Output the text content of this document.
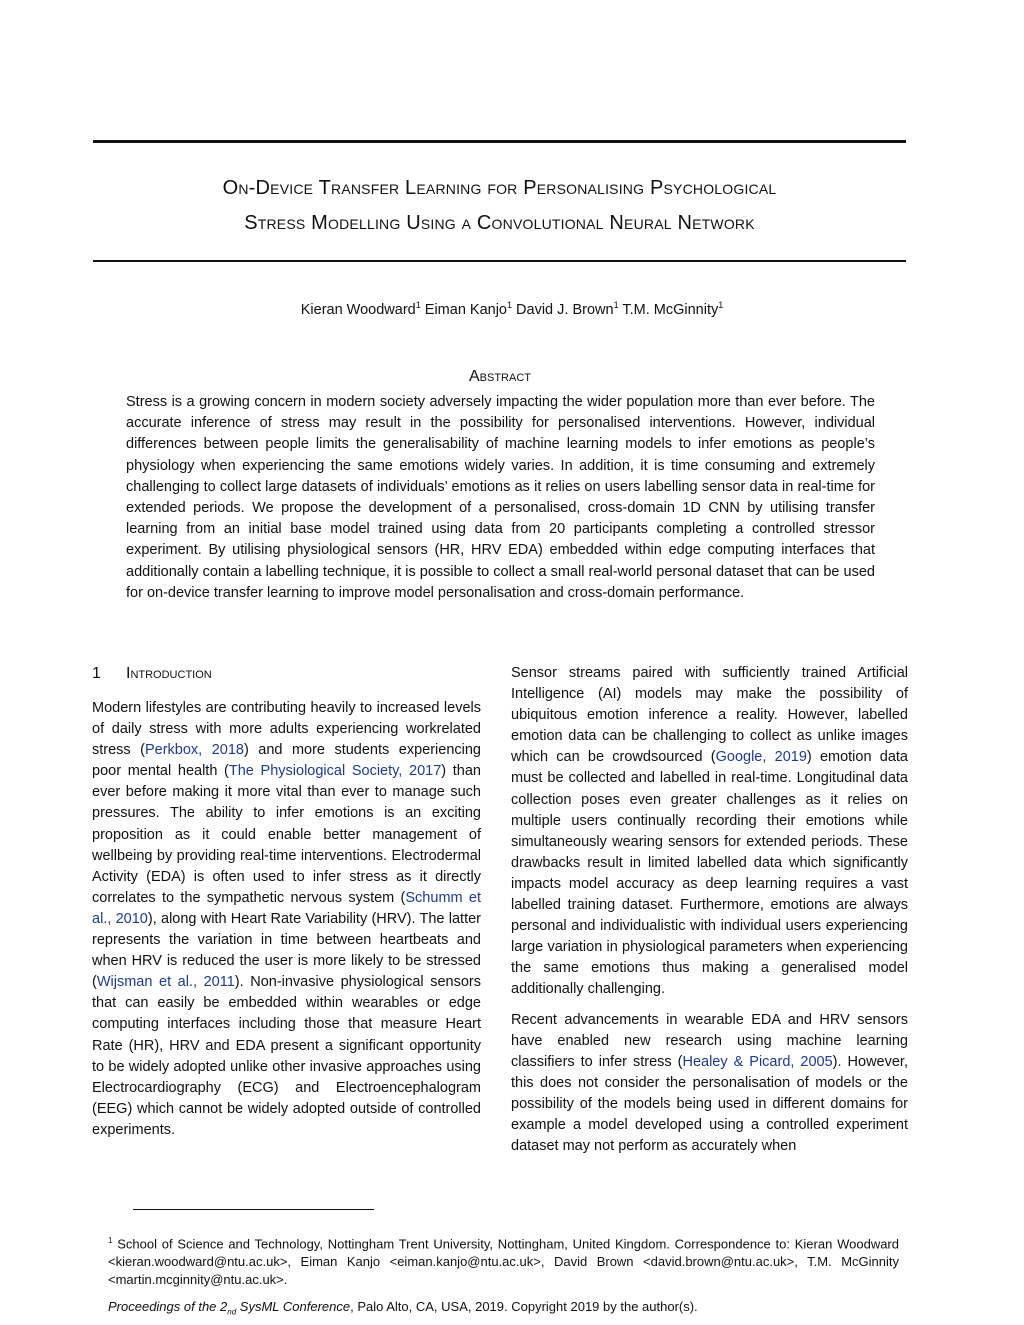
On-Device Transfer Learning for Personalising Psychological
Stress Modelling Using a Convolutional Neural Network
Kieran Woodward$^1$ Eiman Kanjo$^1$ David J. Brown$^1$ T.M. McGinnity$^1$
Abstract

Stress is a growing concern in modern society adversely impacting the wider population more than ever before. The accurate inference of stress may result in the possibility for personalised interventions. However, individual differences between people limits the generalisability of machine learning models to infer emotions as people’s physiology when experiencing the same emotions widely varies. In addition, it is time consuming and extremely challenging to collect large datasets of individuals’ emotions as it relies on users labelling sensor data in real-time for extended periods. We propose the development of a personalised, cross-domain 1D CNN by utilising transfer learning from an initial base model trained using data from 20 participants completing a controlled stressor experiment. By utilising physiological sensors (HR, HRV EDA) embedded within edge computing interfaces that additionally contain a labelling technique, it is possible to collect a small real-world personal dataset that can be used for on-device transfer learning to improve model personalisation and cross-domain performance.

1 Introduction

Modern lifestyles are contributing heavily to increased levels of daily stress with more adults experiencing workrelated stress (Perkbox, 2018) and more students experiencing poor mental health (The Physiological Society, 2017) than ever before making it more vital than ever to manage such pressures. The ability to infer emotions is an exciting proposition as it could enable better management of wellbeing by providing real-time interventions. Electrodermal Activity (EDA) is often used to infer stress as it directly correlates to the sympathetic nervous system (Schumm et al., 2010), along with Heart Rate Variability (HRV). The latter represents the variation in time between heartbeats and when HRV is reduced the user is more likely to be stressed (Wijsman et al., 2011). Non-invasive physiological sensors that can easily be embedded within wearables or edge computing interfaces including those that measure Heart Rate (HR), HRV and EDA present a significant opportunity to be widely adopted unlike other invasive approaches using Electrocardiography (ECG) and Electroencephalogram (EEG) which cannot be widely adopted outside of controlled experiments.

Sensor streams paired with sufficiently trained Artificial Intelligence (AI) models may make the possibility of ubiquitous emotion inference a reality. However, labelled emotion data can be challenging to collect as unlike images which can be crowdsourced (Google, 2019) emotion data must be collected and labelled in real-time. Longitudinal data collection poses even greater challenges as it relies on multiple users continually recording their emotions while simultaneously wearing sensors for extended periods. These drawbacks result in limited labelled data which significantly impacts model accuracy as deep learning requires a vast labelled training dataset. Furthermore, emotions are always personal and individualistic with individual users experiencing large variation in physiological parameters when experiencing the same emotions thus making a generalised model additionally challenging.

Recent advancements in wearable EDA and HRV sensors have enabled new research using machine learning classifiers to infer stress (Healey & Picard, 2005). However, this does not consider the personalisation of models or the possibility of the models being used in different domains for example a model developed using a controlled experiment dataset may not perform as accurately when

$^1$ School of Science and Technology, Nottingham Trent University, Nottingham, United Kingdom. Correspondence to: Kieran Woodward <kieran.woodward@ntu.ac.uk>, Eiman Kanjo <eiman.kanjo@ntu.ac.uk>, David Brown <david.brown@ntu.ac.uk>, T.M. McGinnity <martin.mcginnity@ntu.ac.uk>.

Proceedings of the $2_{nd}$ SysML Conference, Palo Alto, CA, USA, 2019. Copyright 2019 by the author(s).
